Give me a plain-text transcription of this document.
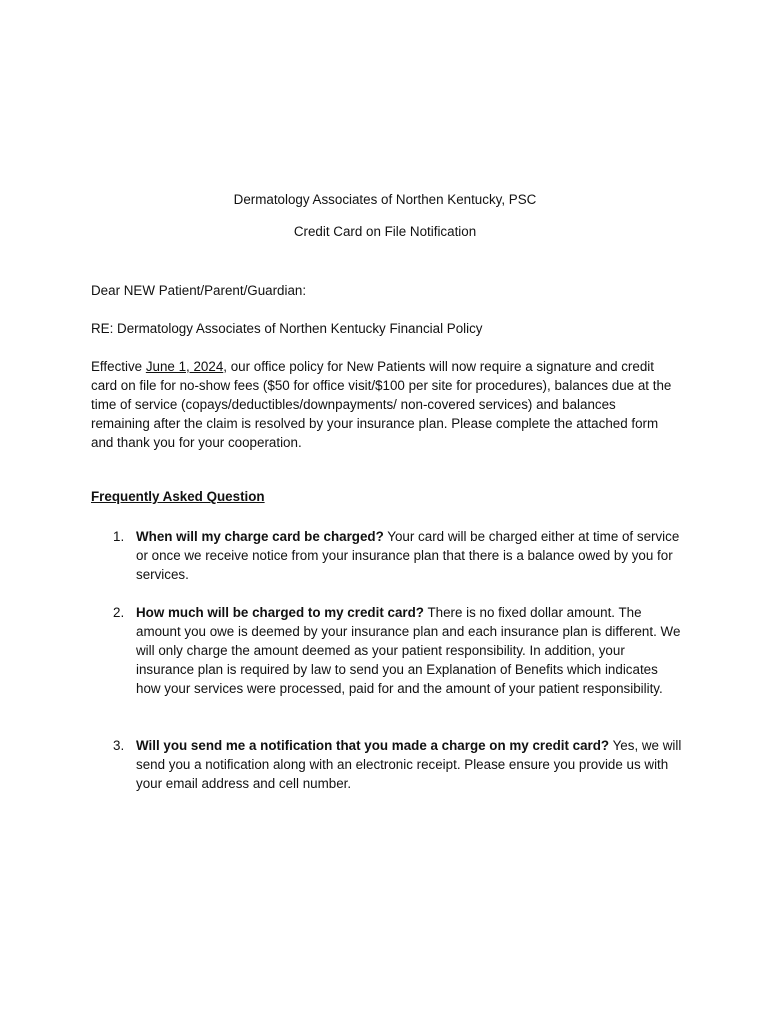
Dermatology Associates of Northen Kentucky, PSC
Credit Card on File Notification
Dear NEW Patient/Parent/Guardian:
RE: Dermatology Associates of Northen Kentucky Financial Policy
Effective June 1, 2024, our office policy for New Patients will now require a signature and credit card on file for no-show fees ($50 for office visit/$100 per site for procedures), balances due at the time of service (copays/deductibles/downpayments/ non-covered services) and balances remaining after the claim is resolved by your insurance plan. Please complete the attached form and thank you for your cooperation.
Frequently Asked Question
1. When will my charge card be charged? Your card will be charged either at time of service or once we receive notice from your insurance plan that there is a balance owed by you for services.
2. How much will be charged to my credit card? There is no fixed dollar amount. The amount you owe is deemed by your insurance plan and each insurance plan is different. We will only charge the amount deemed as your patient responsibility. In addition, your insurance plan is required by law to send you an Explanation of Benefits which indicates how your services were processed, paid for and the amount of your patient responsibility.
3. Will you send me a notification that you made a charge on my credit card? Yes, we will send you a notification along with an electronic receipt. Please ensure you provide us with your email address and cell number.
